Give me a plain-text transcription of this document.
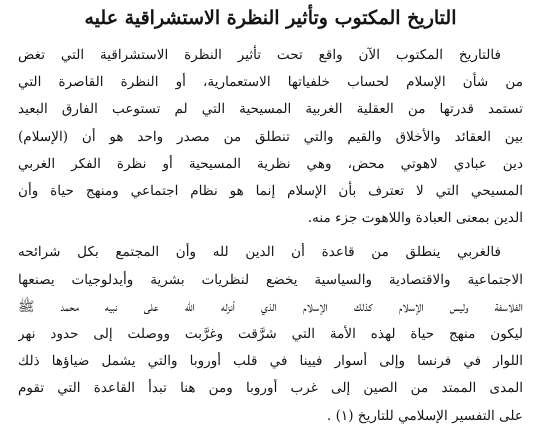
التاريخ المكتوب وتأثير النظرة الاستشراقية عليه
فالتاريخ المكتوب الآن واقع تحت تأثير النظرة الاستشراقية التي تغض
من شأن الإسلام لحساب خلفياتها الاستعمارية، أو النظرة القاصرة التي
تستمد قدرتها من العقلية الغربية المسيحية التي لم تستوعب الفارق البعيد
بين العقائد والأخلاق والقيم والتي تنطلق من مصدر واحد هو أن (الإسلام)
دين عبادي لاهوتي محض، وهي نظرية المسيحية أو نظرة الفكر الغربي
المسيحي التي لا تعترف بأن الإسلام إنما هو نظام اجتماعي ومنهج حياة وأن
الدين بمعنى العبادة واللاهوت جزء منه.
فالغربي ينطلق من قاعدة أن الدين لله وأن المجتمع بكل شرائحه
الاجتماعية والاقتصادية والسياسية يخضع لنظريات بشرية وأيدلوجيات يصنعها
الفلاسفة وليس الإسلام كذلك الإسلام الذي أنزله الله على نبيه محمد ﷺ
ليكون منهج حياة لهذه الأمة التي شرَّقت وغرَّبت ووصلت إلى حدود نهر
اللوار في فرنسا وإلى أسوار فيينا في قلب أوروبا والتي يشمل ضياؤها ذلك
المدى الممتد من الصين إلى غرب أوروبا ومن هنا تبدأ القاعدة التي تقوم
على التفسير الإسلامي للتاريخ (١) .
